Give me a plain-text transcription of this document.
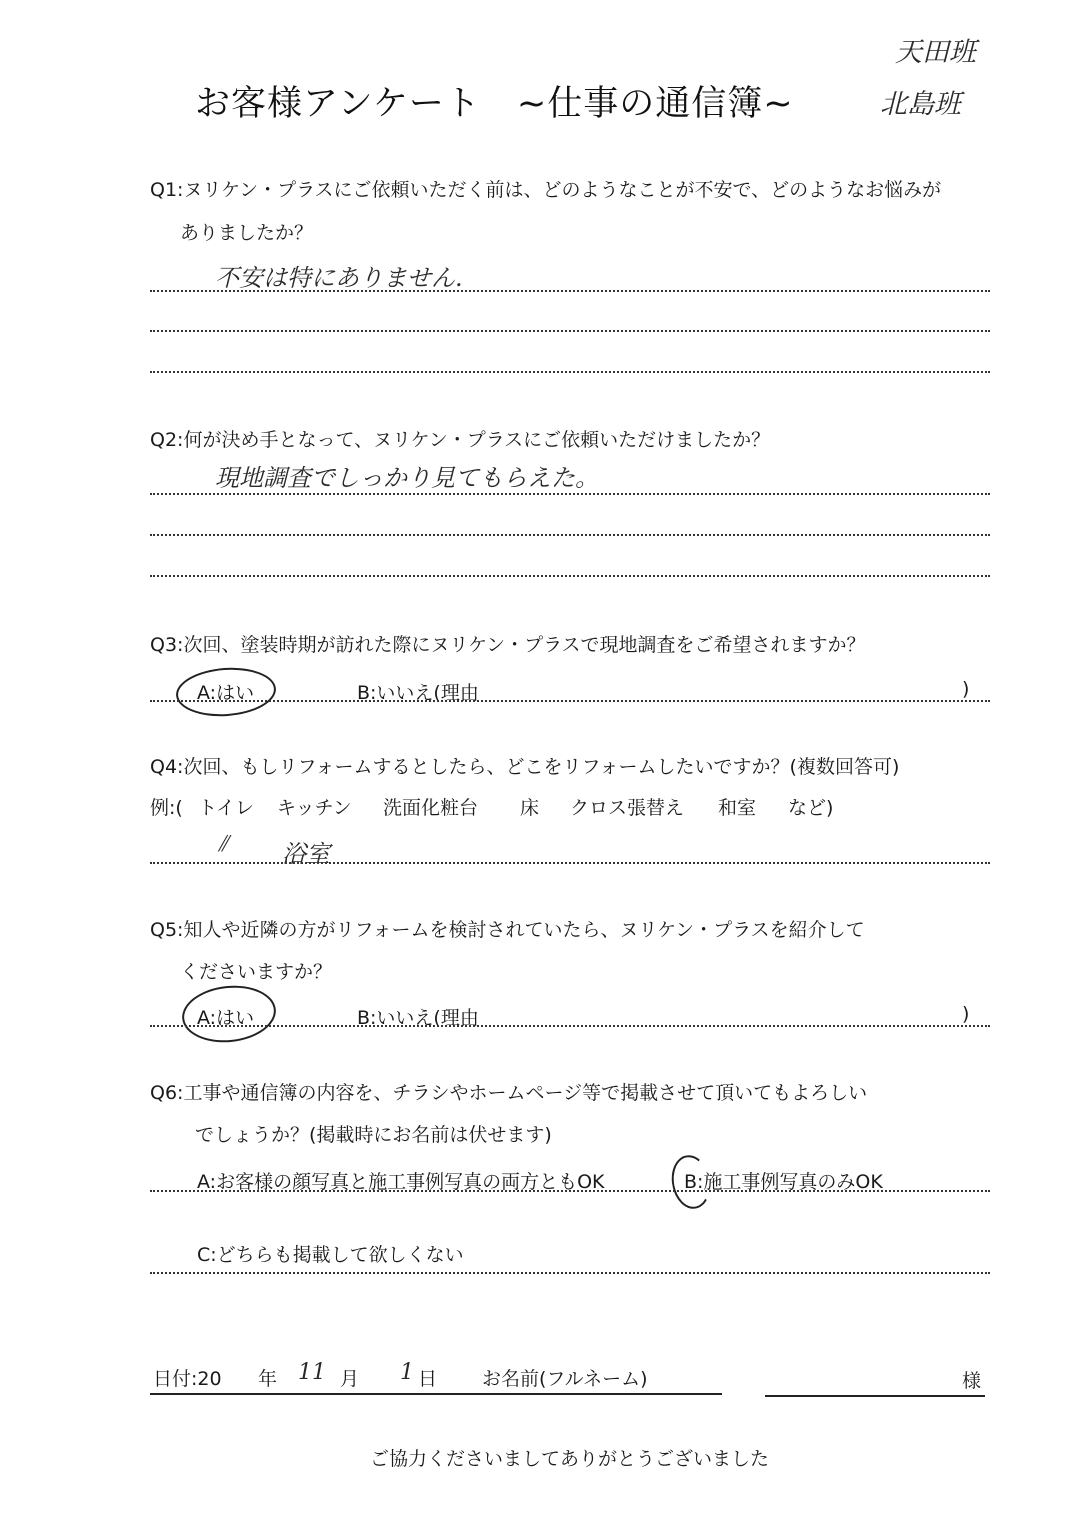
お客様アンケート　~仕事の通信簿~
天田班
北島班
Q1:ヌリケン・プラスにご依頼いただく前は、どのようなことが不安で、どのようなお悩みが
ありましたか？
不安は特にありません.
Q2:何が決め手となって、ヌリケン・プラスにご依頼いただけましたか？
現地調査でしっかり見てもらえた。
Q3:次回、塗装時期が訪れた際にヌリケン・プラスで現地調査をご希望されますか？
A:はい	B:いいえ(理由	)
Q4:次回、もしリフォームするとしたら、どこをリフォームしたいですか？(複数回答可)
例:( トイレ キッチン 洗面化粧台 床 クロス張替え 和室 など)
⫽ 浴室
Q5:知人や近隣の方がリフォームを検討されていたら、ヌリケン・プラスを紹介して
くださいますか？
A:はい	B:いいえ(理由	)
Q6:工事や通信簿の内容を、チラシやホームページ等で掲載させて頂いてもよろしい
でしょうか？(掲載時にお名前は伏せます)
A:お客様の顔写真と施工事例写真の両方ともOK	B:施工事例写真のみOK
C:どちらも掲載して欲しくない
日付:20 年 11 月 1 日 お名前(フルネーム)	様
ご協力くださいましてありがとうございました
